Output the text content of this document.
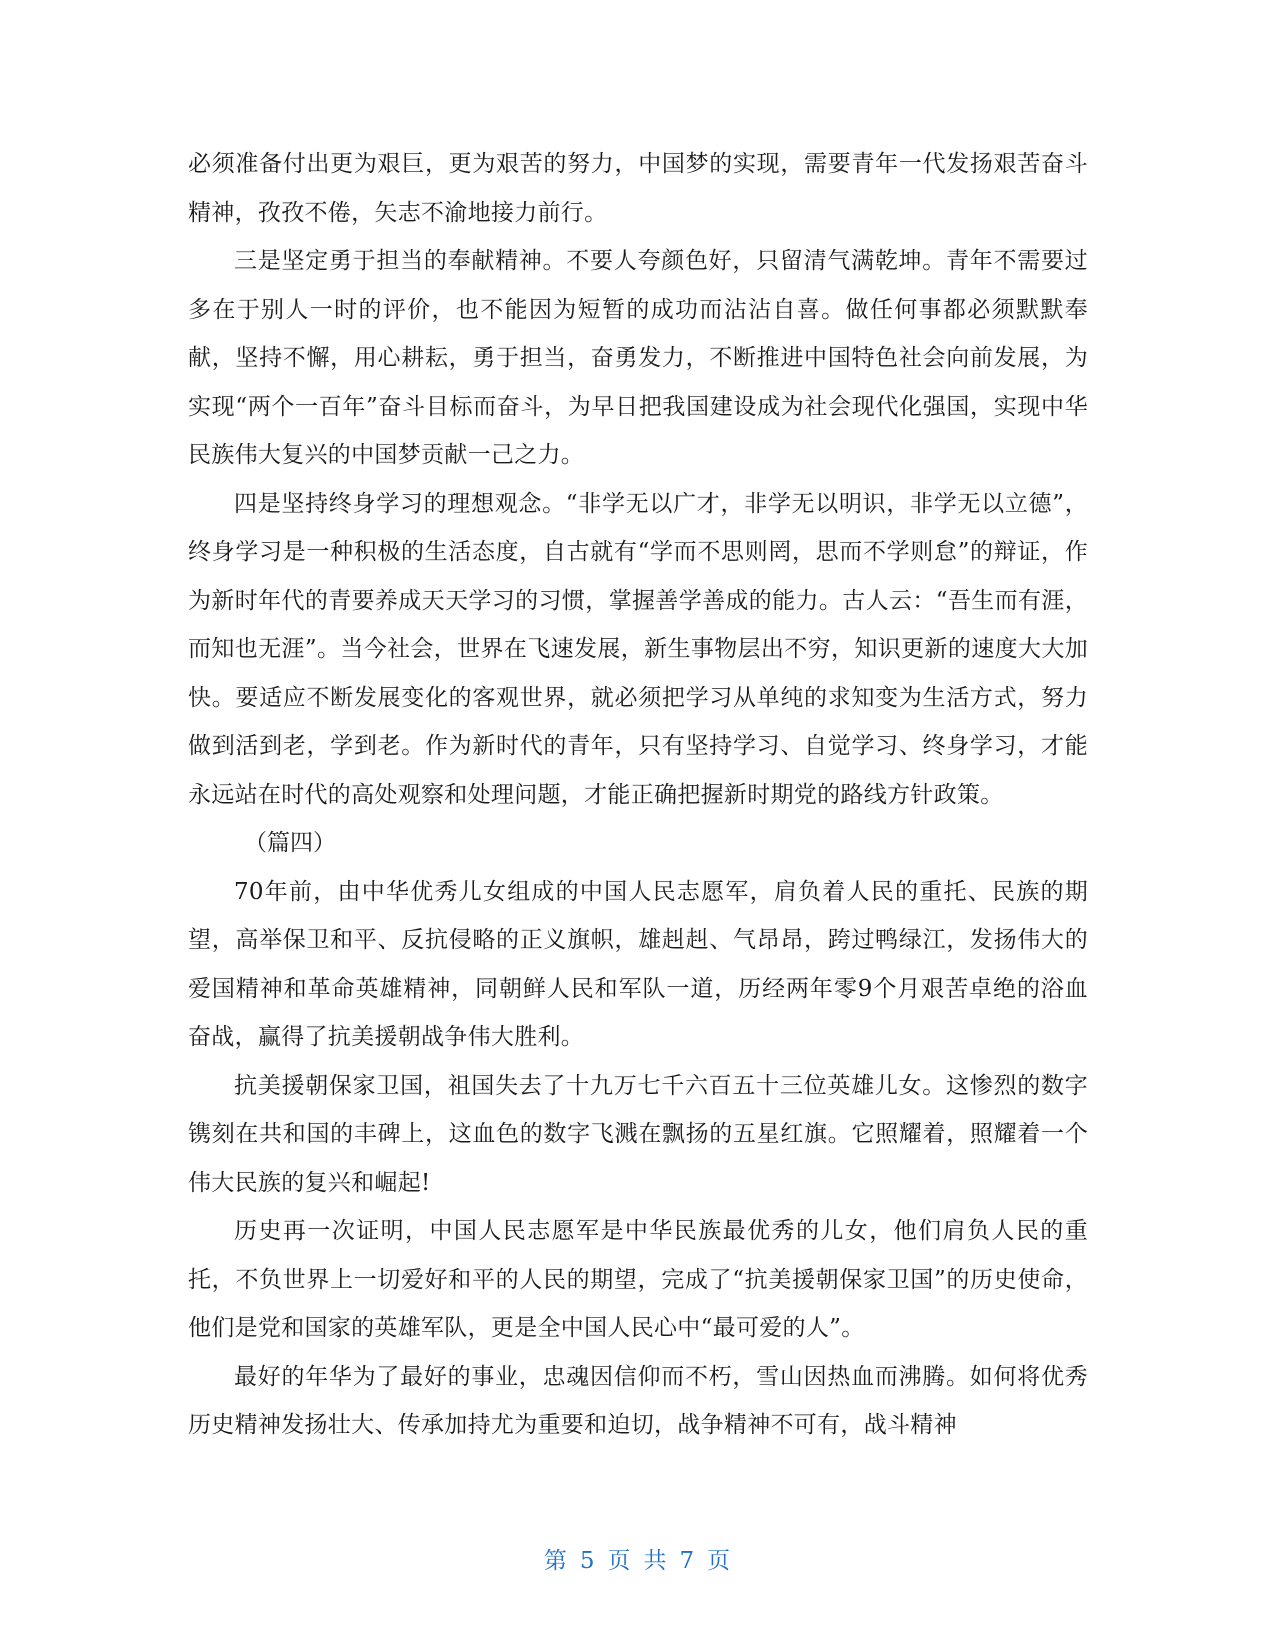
必须准备付出更为艰巨，更为艰苦的努力，中国梦的实现，需要青年一代发扬艰苦奋斗精神，孜孜不倦，矢志不渝地接力前行。

三是坚定勇于担当的奉献精神。不要人夸颜色好，只留清气满乾坤。青年不需要过多在于别人一时的评价，也不能因为短暂的成功而沾沾自喜。做任何事都必须默默奉献，坚持不懈，用心耕耘，勇于担当，奋勇发力，不断推进中国特色社会向前发展，为实现“两个一百年”奋斗目标而奋斗，为早日把我国建设成为社会现代化强国，实现中华民族伟大复兴的中国梦贡献一己之力。

四是坚持终身学习的理想观念。“非学无以广才，非学无以明识，非学无以立德”，终身学习是一种积极的生活态度，自古就有“学而不思则罔，思而不学则怠”的辩证，作为新时年代的青要养成天天学习的习惯，掌握善学善成的能力。古人云：“吾生而有涯，而知也无涯”。当今社会，世界在飞速发展，新生事物层出不穷，知识更新的速度大大加快。要适应不断发展变化的客观世界，就必须把学习从单纯的求知变为生活方式，努力做到活到老，学到老。作为新时代的青年，只有坚持学习、自觉学习、终身学习，才能永远站在时代的高处观察和处理问题，才能正确把握新时期党的路线方针政策。

（篇四）

70年前，由中华优秀儿女组成的中国人民志愿军，肩负着人民的重托、民族的期望，高举保卫和平、反抗侵略的正义旗帜，雄赳赳、气昂昂，跨过鸭绿江，发扬伟大的爱国精神和革命英雄精神，同朝鲜人民和军队一道，历经两年零9个月艰苦卓绝的浴血奋战，赢得了抗美援朝战争伟大胜利。

抗美援朝保家卫国，祖国失去了十九万七千六百五十三位英雄儿女。这惨烈的数字镌刻在共和国的丰碑上，这血色的数字飞溅在飘扬的五星红旗。它照耀着，照耀着一个伟大民族的复兴和崛起!

历史再一次证明，中国人民志愿军是中华民族最优秀的儿女，他们肩负人民的重托，不负世界上一切爱好和平的人民的期望，完成了“抗美援朝保家卫国”的历史使命，他们是党和国家的英雄军队，更是全中国人民心中“最可爱的人”。

最好的年华为了最好的事业，忠魂因信仰而不朽，雪山因热血而沸腾。如何将优秀历史精神发扬壮大、传承加持尤为重要和迫切，战争精神不可有，战斗精神

第 5 页 共 7 页
